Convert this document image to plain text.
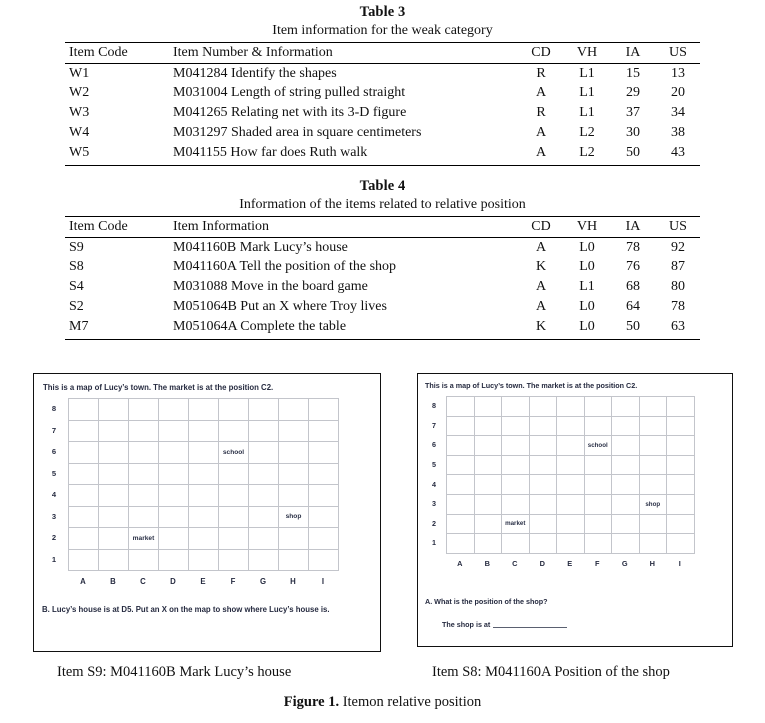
Table 3
Item information for the weak category
Item Code	Item Number & Information	CD	VH	IA	US
W1	M041284 Identify the shapes	R	L1	15	13
W2	M031004 Length of string pulled straight	A	L1	29	20
W3	M041265 Relating net with its 3-D figure	R	L1	37	34
W4	M031297 Shaded area in square centimeters	A	L2	30	38
W5	M041155 How far does Ruth walk	A	L2	50	43
Table 4
Information of the items related to relative position
Item Code	Item Information	CD	VH	IA	US
S9	M041160B Mark Lucy’s house	A	L0	78	92
S8	M041160A Tell the position of the shop	K	L0	76	87
S4	M031088 Move in the board game	A	L1	68	80
S2	M051064B Put an X where Troy lives	A	L0	64	78
M7	M051064A Complete the table	K	L0	50	63
This is a map of Lucy’s town. The market is at the position C2.
8
7
6
5
4
3
2
1
school
shop
market
A	B	C	D	E	F	G	H	I
B. Lucy’s house is at D5. Put an X on the map to show where Lucy’s house is.
This is a map of Lucy’s town. The market is at the position C2.
8
7
6
5
4
3
2
1
school
shop
market
A	B	C	D	E	F	G	H	I
A. What is the position of the shop?
The shop is at
Item S9: M041160B Mark Lucy’s house	Item S8: M041160A Position of the shop
Figure 1. Itemon relative position
